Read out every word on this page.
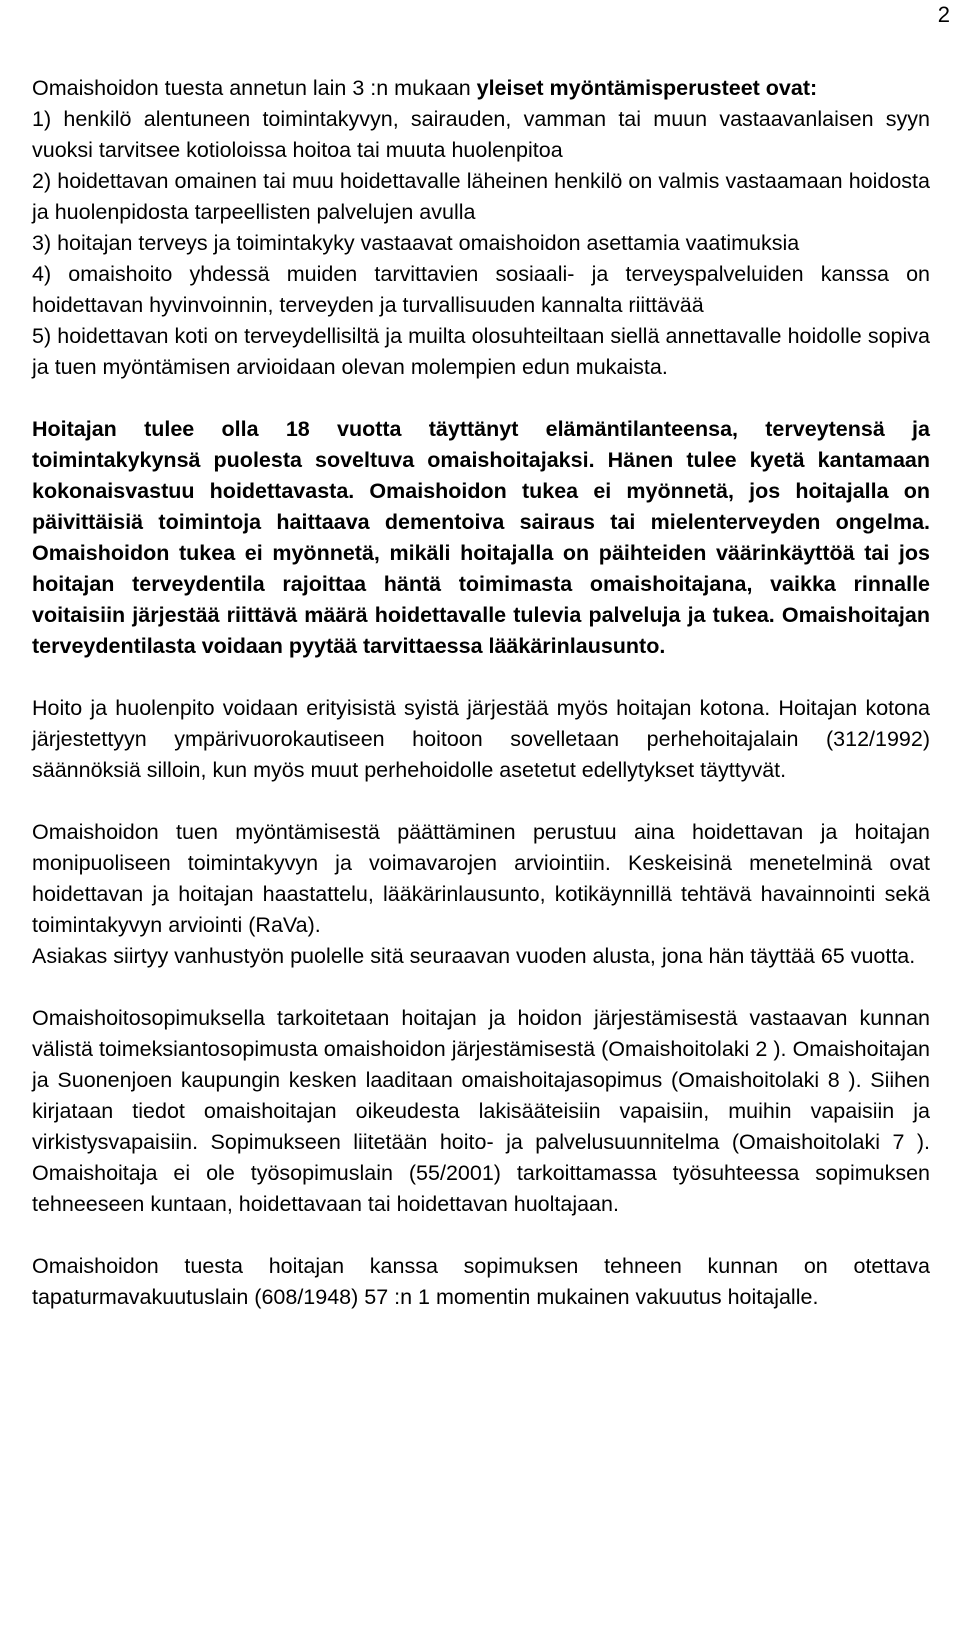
2

Omaishoidon tuesta annetun lain 3 :n mukaan yleiset myöntämisperusteet ovat:

1) henkilö alentuneen toimintakyvyn, sairauden, vamman tai muun vastaavanlaisen syyn vuoksi tarvitsee kotioloissa hoitoa tai muuta huolenpitoa

2) hoidettavan omainen tai muu hoidettavalle läheinen henkilö on valmis vastaamaan hoidosta ja huolenpidosta tarpeellisten palvelujen avulla

3) hoitajan terveys ja toimintakyky vastaavat omaishoidon asettamia vaatimuksia

4) omaishoito yhdessä muiden tarvittavien sosiaali- ja terveyspalveluiden kanssa on hoidettavan hyvinvoinnin, terveyden ja turvallisuuden kannalta riittävää

5) hoidettavan koti on terveydellisiltä ja muilta olosuhteiltaan siellä annettavalle hoidolle sopiva ja tuen myöntämisen arvioidaan olevan molempien edun mukaista.

Hoitajan tulee olla 18 vuotta täyttänyt elämäntilanteensa, terveytensä ja toimintakykynsä puolesta soveltuva omaishoitajaksi. Hänen tulee kyetä kantamaan kokonaisvastuu hoidettavasta. Omaishoidon tukea ei myönnetä, jos hoitajalla on päivittäisiä toimintoja haittaava dementoiva sairaus tai mielenterveyden ongelma. Omaishoidon tukea ei myönnetä, mikäli hoitajalla on päihteiden väärinkäyttöä tai jos hoitajan terveydentila rajoittaa häntä toimimasta omaishoitajana, vaikka rinnalle voitaisiin järjestää riittävä määrä hoidettavalle tulevia palveluja ja tukea. Omaishoitajan terveydentilasta voidaan pyytää tarvittaessa lääkärinlausunto.

Hoito ja huolenpito voidaan erityisistä syistä järjestää myös hoitajan kotona. Hoitajan kotona järjestettyyn ympärivuorokautiseen hoitoon sovelletaan perhehoitajalain (312/1992) säännöksiä silloin, kun myös muut perhehoidolle asetetut edellytykset täyttyvät.

Omaishoidon tuen myöntämisestä päättäminen perustuu aina hoidettavan ja hoitajan monipuoliseen toimintakyvyn ja voimavarojen arviointiin. Keskeisinä menetelminä ovat hoidettavan ja hoitajan haastattelu, lääkärinlausunto, kotikäynnillä tehtävä havainnointi sekä toimintakyvyn arviointi (RaVa).

Asiakas siirtyy vanhustyön puolelle sitä seuraavan vuoden alusta, jona hän täyttää 65 vuotta.

Omaishoitosopimuksella tarkoitetaan hoitajan ja hoidon järjestämisestä vastaavan kunnan välistä toimeksiantosopimusta omaishoidon järjestämisestä (Omaishoitolaki 2 ). Omaishoitajan ja Suonenjoen kaupungin kesken laaditaan omaishoitajasopimus (Omaishoitolaki 8 ). Siihen kirjataan tiedot omaishoitajan oikeudesta lakisääteisiin vapaisiin, muihin vapaisiin ja virkistysvapaisiin. Sopimukseen liitetään hoito- ja palvelusuunnitelma (Omaishoitolaki 7 ). Omaishoitaja ei ole työsopimuslain (55/2001) tarkoittamassa työsuhteessa sopimuksen tehneeseen kuntaan, hoidettavaan tai hoidettavan huoltajaan.

Omaishoidon tuesta hoitajan kanssa sopimuksen tehneen kunnan on otettava tapaturmavakuutuslain (608/1948) 57 :n 1 momentin mukainen vakuutus hoitajalle.
